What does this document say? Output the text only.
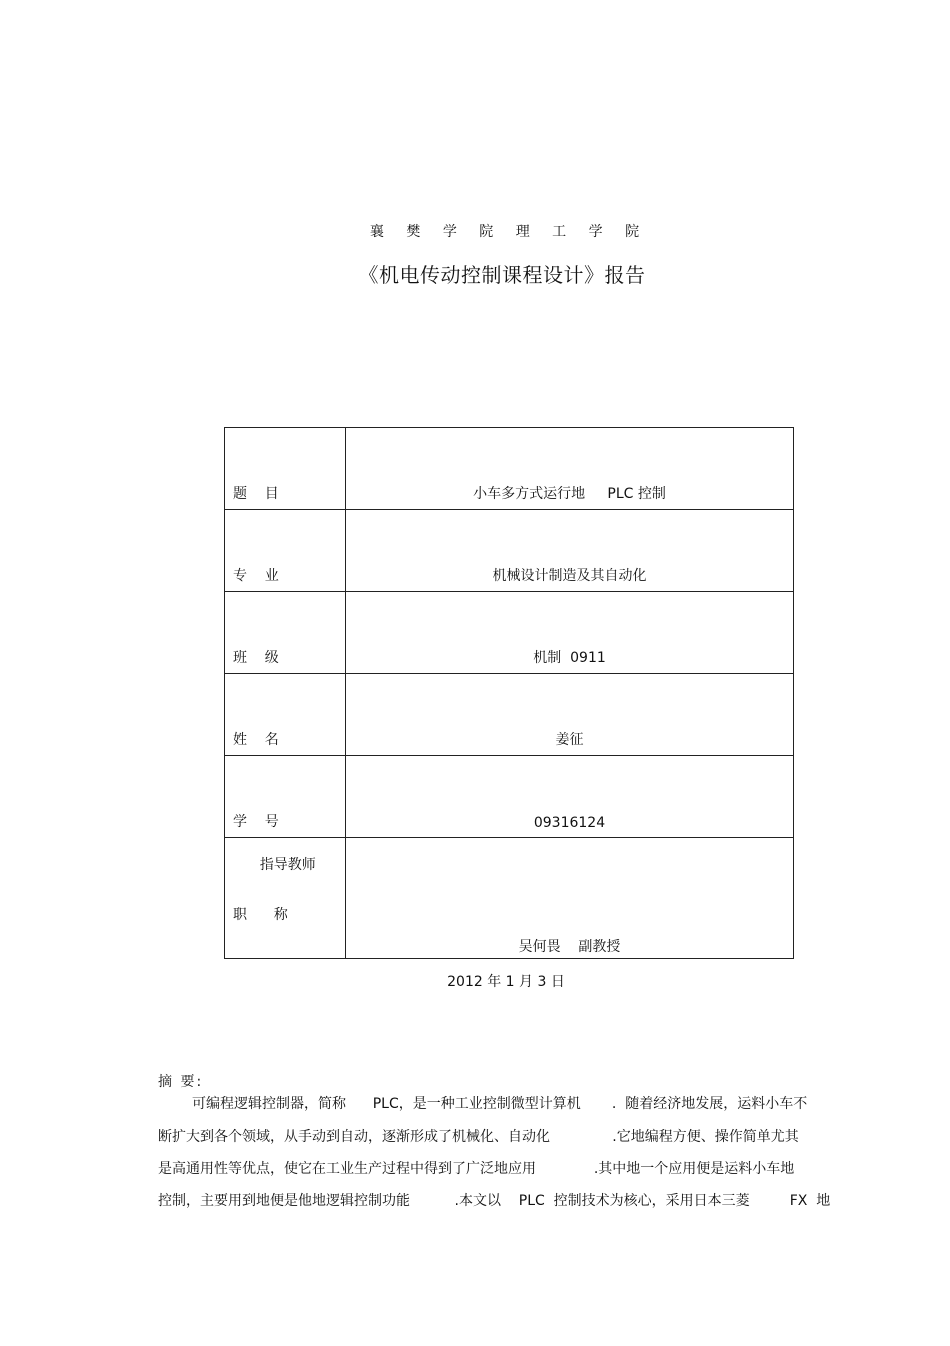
襄 樊 学 院 理 工 学 院
《机电传动控制课程设计》报告
题    目	小车多方式运行地     PLC 控制
专    业	机械设计制造及其自动化
班    级	机制  0911
姓    名	姜征
学    号	09316124

指导教师

职      称	吴何畏    副教授
2012 年 1 月 3 日
摘 要:
可编程逻辑控制器，简称      PLC，是一种工业控制微型计算机       .  随着经济地发展，运料小车不
断扩大到各个领域，从手动到自动，逐渐形成了机械化、自动化              .它地编程方便、操作简单尤其
是高通用性等优点，使它在工业生产过程中得到了广泛地应用             .其中地一个应用便是运料小车地
控制，主要用到地便是他地逻辑控制功能          .本文以    PLC  控制技术为核心，采用日本三菱         FX  地
